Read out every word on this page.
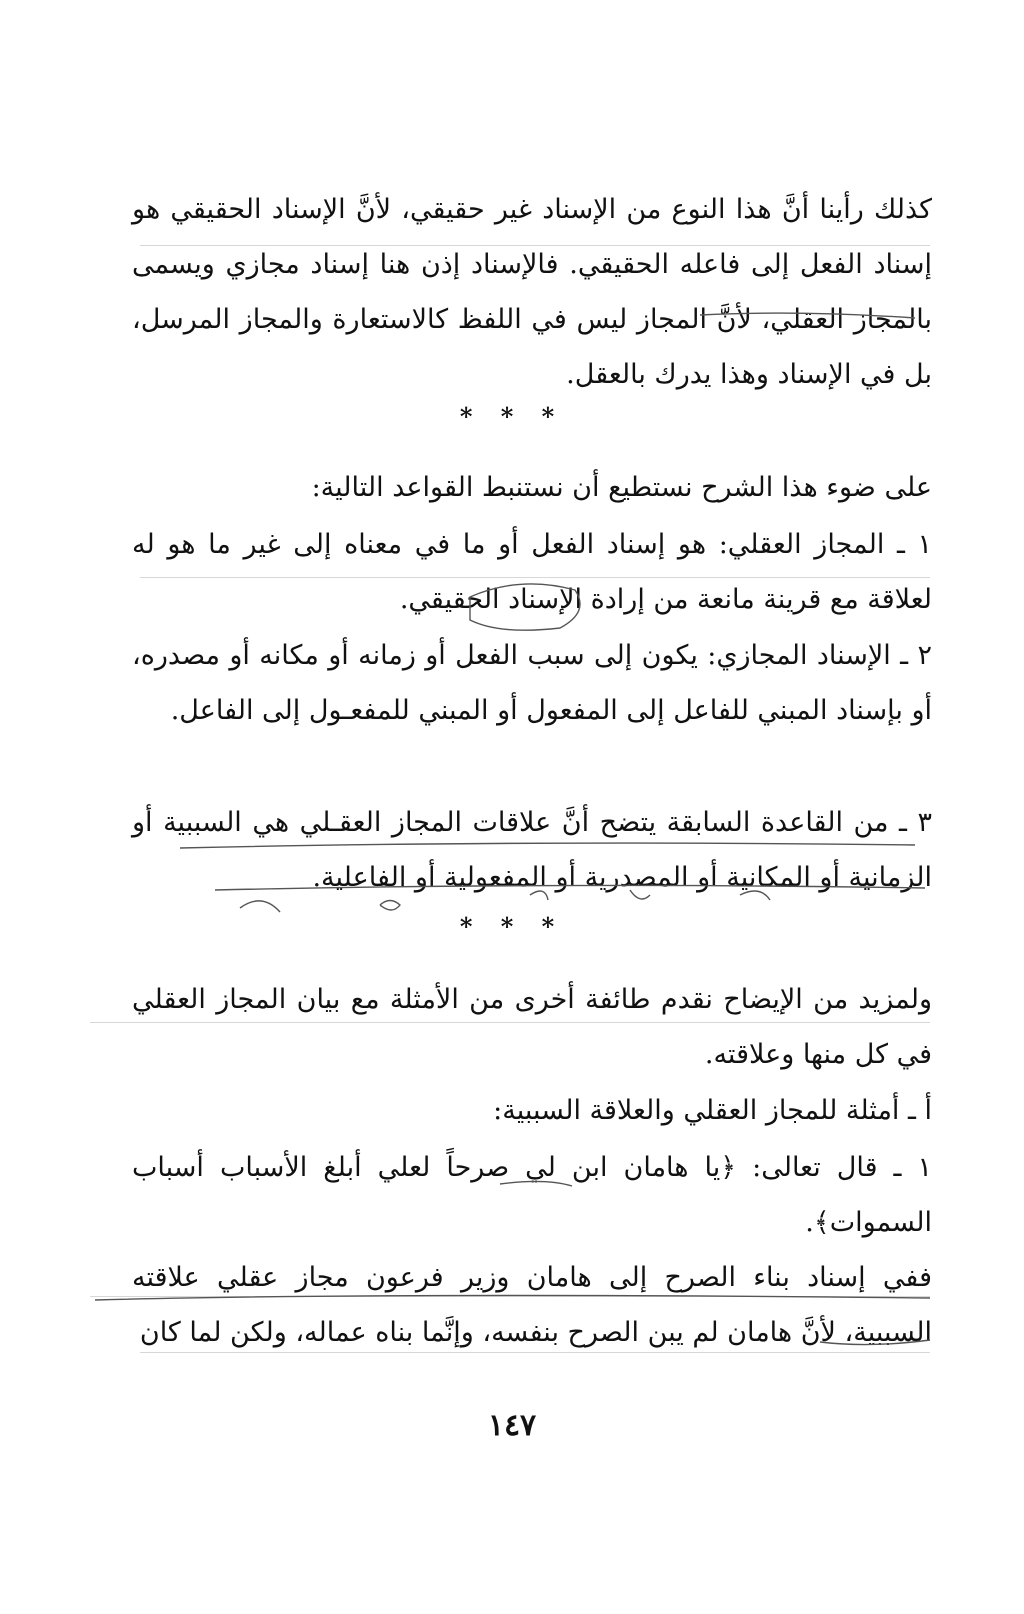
كذلك رأينا أنَّ هذا النوع من الإسناد غير حقيقي، لأنَّ الإسناد الحقيقي هو إسناد الفعل إلى فاعله الحقيقي. فالإسناد إذن هنا إسناد مجازي ويسمى بالمجاز العقلي، لأنَّ المجاز ليس في اللفظ كالاستعارة والمجاز المرسل، بل في الإسناد وهذا يدرك بالعقل.

على ضوء هذا الشرح نستطيع أن نستنبط القواعد التالية:

١ ـ المجاز العقلي: هو إسناد الفعل أو ما في معناه إلى غير ما هو له لعلاقة مع قرينة مانعة من إرادة الإسناد الحقيقي.

٢ ـ الإسناد المجازي: يكون إلى سبب الفعل أو زمانه أو مكانه أو مصدره، أو بإسناد المبني للفاعل إلى المفعول أو المبني للمفعـول إلى الفاعل.

٣ ـ من القاعدة السابقة يتضح أنَّ علاقات المجاز العقـلي هي السببية أو الزمانية أو المكانية أو المصدرية أو المفعولية أو الفاعلية.

ولمزيد من الإيضاح نقدم طائفة أخرى من الأمثلة مع بيان المجاز العقلي في كل منها وعلاقته.

أ ـ أمثلة للمجاز العقلي والعلاقة السببية:

١ ـ قال تعالى: ﴿يا هامان ابن لي صرحاً لعلي أبلغ الأسباب أسباب السموات﴾.

ففي إسناد بناء الصرح إلى هامان وزير فرعون مجاز عقلي علاقته السببية، لأنَّ هامان لم يبن الصرح بنفسه، وإنَّما بناه عماله، ولكن لما كان

* * *
* * *
١٤٧
